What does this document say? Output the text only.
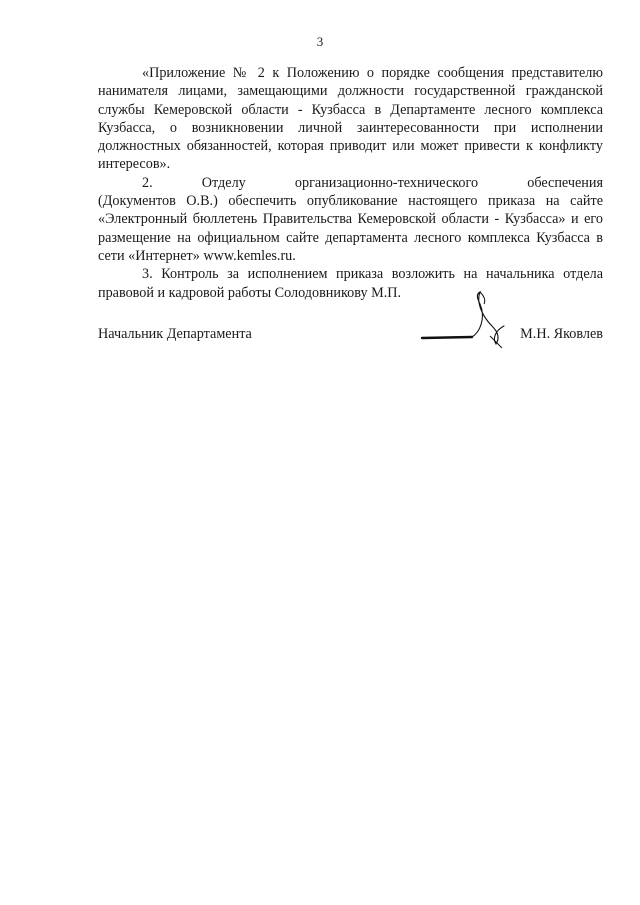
3

«Приложение № 2 к Положению о порядке сообщения представителю нанимателя лицами, замещающими должности государственной гражданской службы Кемеровской области - Кузбасса в Департаменте лесного комплекса Кузбасса, о возникновении личной заинтересованности при исполнении должностных обязанностей, которая приводит или может привести к конфликту интересов».

2. Отделу организационно-технического обеспечения

(Документов О.В.) обеспечить опубликование настоящего приказа на сайте «Электронный бюллетень Правительства Кемеровской области - Кузбасса» и его размещение на официальном сайте департамента лесного комплекса Кузбасса в сети «Интернет» www.kemles.ru.

3. Контроль за исполнением приказа возложить на начальника отдела правовой и кадровой работы Солодовникову М.П.

Начальник Департамента	М.Н. Яковлев
